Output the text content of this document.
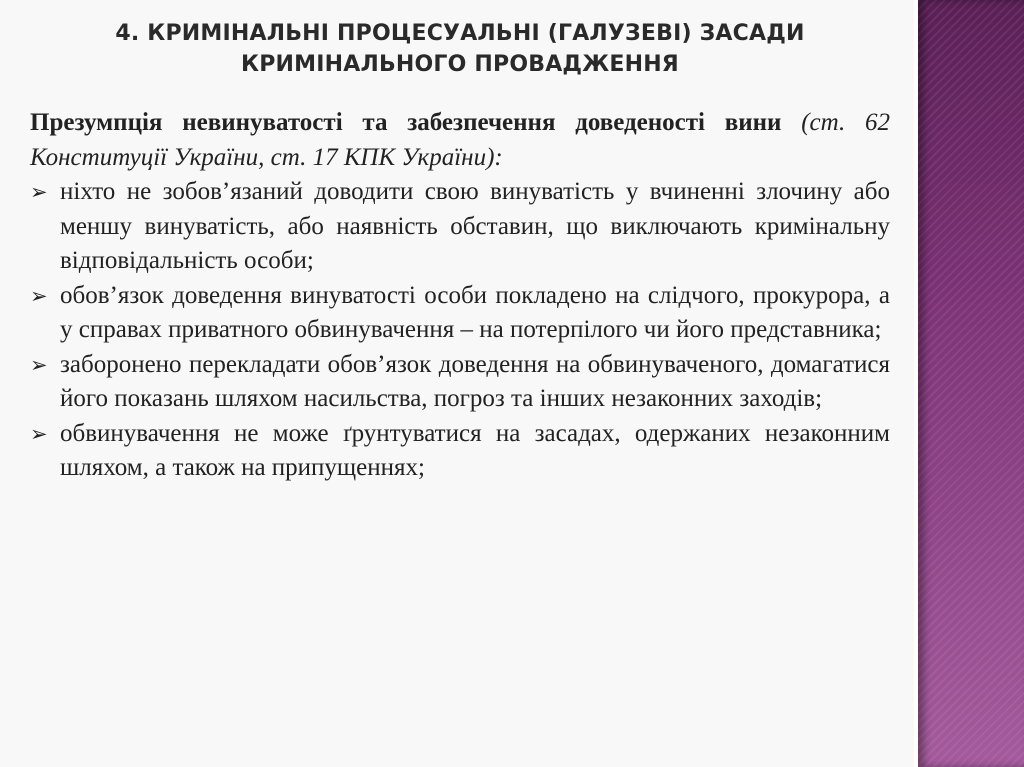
4. КРИМІНАЛЬНІ ПРОЦЕСУАЛЬНІ (ГАЛУЗЕВІ) ЗАСАДИ
КРИМІНАЛЬНОГО ПРОВАДЖЕННЯ

Презумпція невинуватості та забезпечення доведеності вини (ст. 62 Конституції України, ст. 17 КПК України):

➢ ніхто не зобов’язаний доводити свою винуватість у вчиненні злочину або меншу винуватість, або наявність обставин, що виключають кримінальну відповідальність особи;
➢ обов’язок доведення винуватості особи покладено на слідчого, прокурора, а у справах приватного обвинувачення – на потерпілого чи його представника;
➢ заборонено перекладати обов’язок доведення на обвинуваченого, домагатися його показань шляхом насильства, погроз та інших незаконних заходів;
➢ обвинувачення не може ґрунтуватися на засадах, одержаних незаконним шляхом, а також на припущеннях;
